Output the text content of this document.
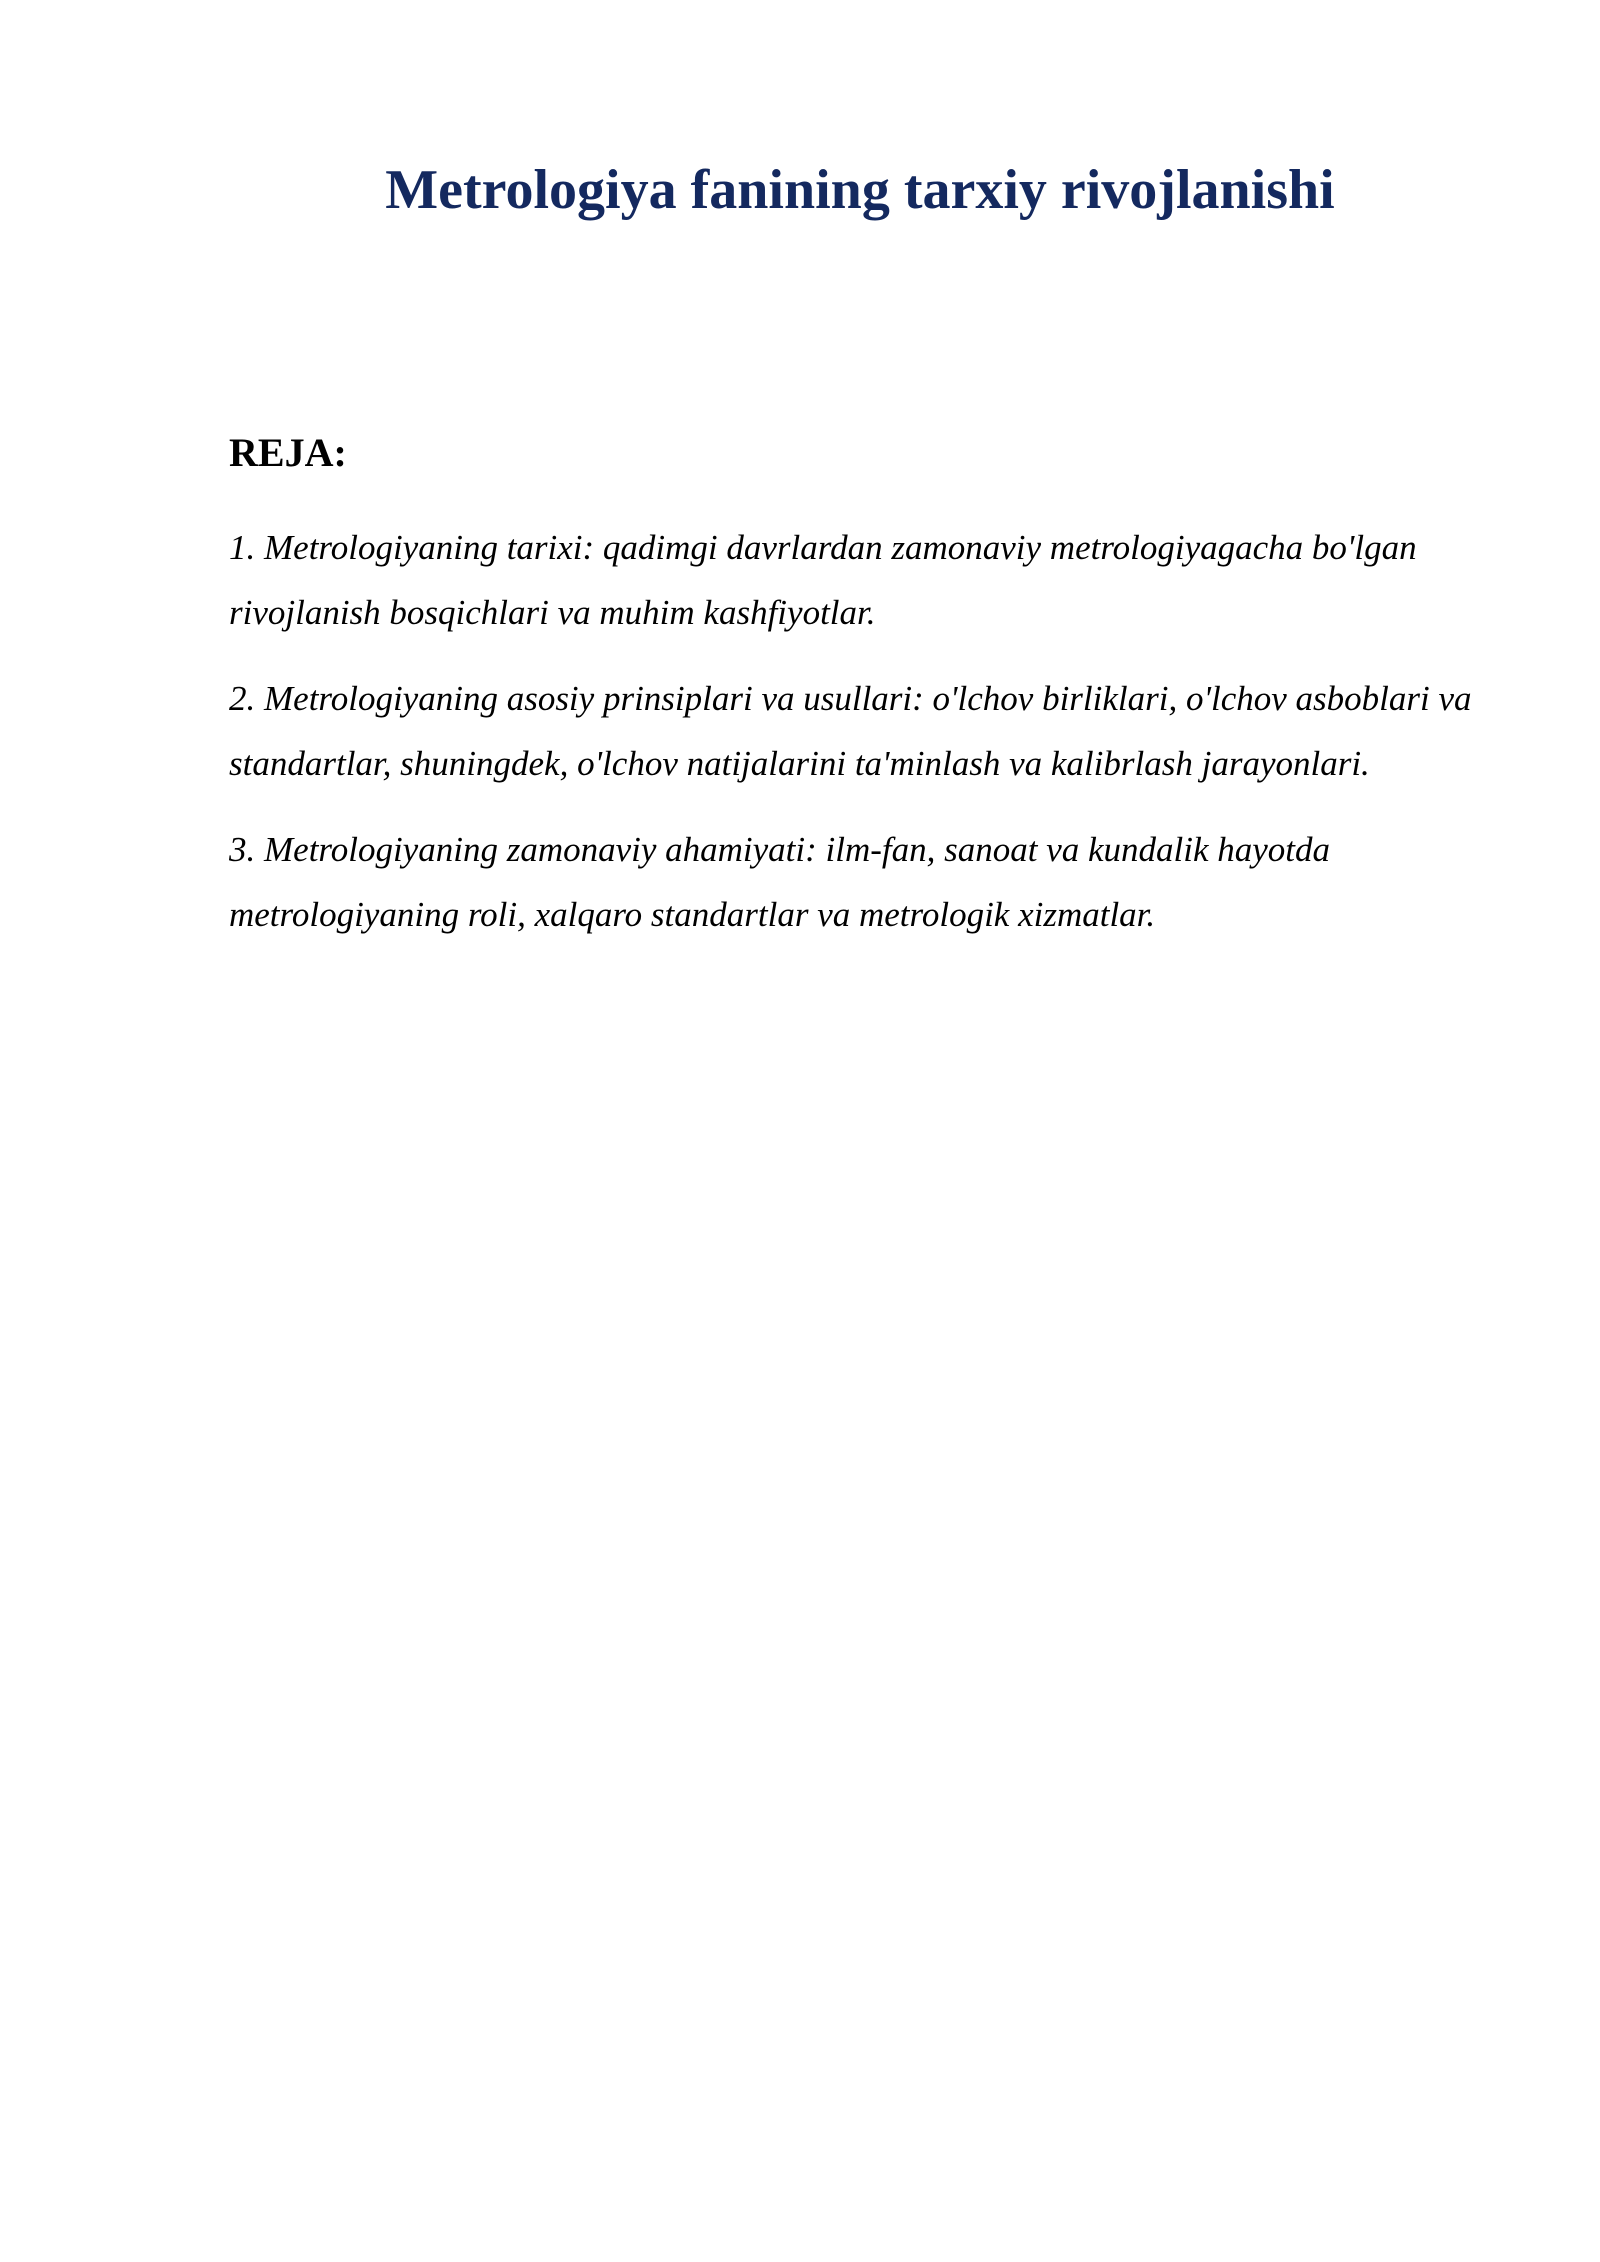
Metrologiya fanining tarxiy rivojlanishi
REJA:
1. Metrologiyaning tarixi: qadimgi davrlardan zamonaviy metrologiyagacha bo'lgan rivojlanish bosqichlari va muhim kashfiyotlar.
2. Metrologiyaning asosiy prinsiplari va usullari: o'lchov birliklari, o'lchov asboblari va standartlar, shuningdek, o'lchov natijalarini ta'minlash va kalibrlash jarayonlari.
3. Metrologiyaning zamonaviy ahamiyati: ilm-fan, sanoat va kundalik hayotda metrologiyaning roli, xalqaro standartlar va metrologik xizmatlar.
